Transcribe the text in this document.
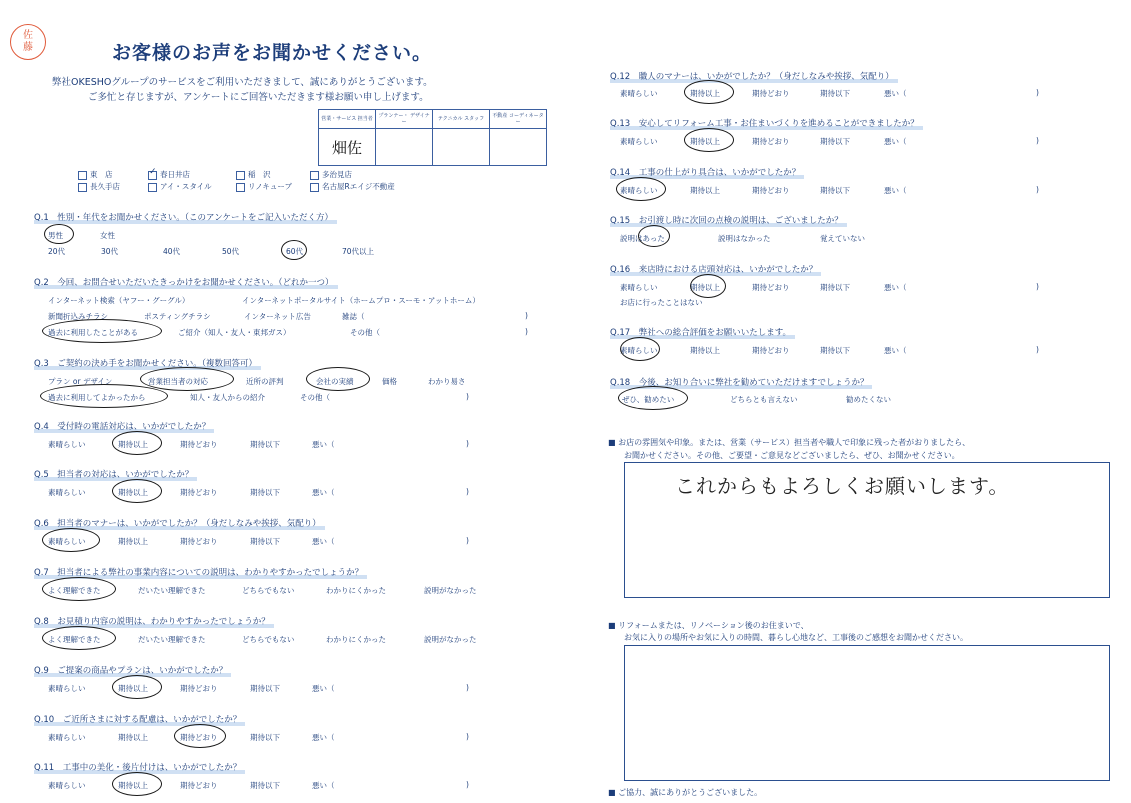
佐
藤	お客様のお声をお聞かせください。
弊社OKESHOグループのサービスをご利用いただきまして、誠にありがとうございます。
ご多忙と存じますが、アンケートにご回答いただきます様お願い申し上げます。
営業・サービス 担当者	プランナー・ デザイナー	テクニカル スタッフ	不動産 コーディネーター
畑佐			
東　店 ✓	春日井店	稲　沢	多治見店
長久手店	アイ・スタイル	リノキューブ	名古屋Rエイジ不動産
Q.1　性別・年代をお聞かせください。（このアンケートをご記入いただく方）
男性	女性
20代	30代	40代	50代	60代	70代以上
Q.2　今回、お問合せいただいたきっかけをお聞かせください。（どれか一つ）
インターネット検索（ヤフー・グーグル）	インターネットポータルサイト（ホームプロ・スーモ・アットホーム）
新聞折込みチラシ	ポスティングチラシ	インターネット広告	雑誌（	)
過去に利用したことがある	ご紹介（知人・友人・東邦ガス）	その他（	)
Q.3　ご契約の決め手をお聞かせください。（複数回答可）
プラン or デザイン	営業担当者の対応	近所の評判	会社の実績	価格	わかり易さ
過去に利用してよかったから	知人・友人からの紹介	その他（	)
Q.4　受付時の電話対応は、いかがでしたか？
素晴らしい	期待以上	期待どおり	期待以下	悪い（	)
Q.5　担当者の対応は、いかがでしたか？
素晴らしい	期待以上	期待どおり	期待以下	悪い（	)
Q.6　担当者のマナーは、いかがでしたか？（身だしなみや挨拶、気配り）
素晴らしい	期待以上	期待どおり	期待以下	悪い（	)
Q.7　担当者による弊社の事業内容についての説明は、わかりやすかったでしょうか？
よく理解できた	だいたい理解できた	どちらでもない	わかりにくかった	説明がなかった
Q.8　お見積り内容の説明は、わかりやすかったでしょうか？
よく理解できた	だいたい理解できた	どちらでもない	わかりにくかった	説明がなかった
Q.9　ご提案の商品やプランは、いかがでしたか？
素晴らしい	期待以上	期待どおり	期待以下	悪い（	)
Q.10　ご近所さまに対する配慮は、いかがでしたか？
素晴らしい	期待以上	期待どおり	期待以下	悪い（	)
Q.11　工事中の美化・後片付けは、いかがでしたか？
素晴らしい	期待以上	期待どおり	期待以下	悪い（	)
Q.12　職人のマナーは、いかがでしたか？（身だしなみや挨拶、気配り）
素晴らしい	期待以上	期待どおり	期待以下	悪い（	)
Q.13　安心してリフォーム工事・お住まいづくりを進めることができましたか？
素晴らしい	期待以上	期待どおり	期待以下	悪い（	)
Q.14　工事の仕上がり具合は、いかがでしたか？
素晴らしい	期待以上	期待どおり	期待以下	悪い（	)
Q.15　お引渡し時に次回の点検の説明は、ございましたか？
説明はあった	説明はなかった	覚えていない
Q.16　来店時における店頭対応は、いかがでしたか？
素晴らしい	期待以上	期待どおり	期待以下	悪い（	)
お店に行ったことはない
Q.17　弊社への総合評価をお願いいたします。
素晴らしい	期待以上	期待どおり	期待以下	悪い（	)
Q.18　今後、お知り合いに弊社を勧めていただけますでしょうか？
ぜひ、勧めたい	どちらとも言えない	勧めたくない
■ お店の雰囲気や印象。または、営業（サービス）担当者や職人で印象に残った者がおりましたら、
お聞かせください。その他、ご要望・ご意見などございましたら、ぜひ、お聞かせください。
これからもよろしくお願いします。
■ リフォームまたは、リノベーション後のお住まいで、
お気に入りの場所やお気に入りの時間、暮らし心地など、工事後のご感想をお聞かせください。
■ ご協力、誠にありがとうございました。
